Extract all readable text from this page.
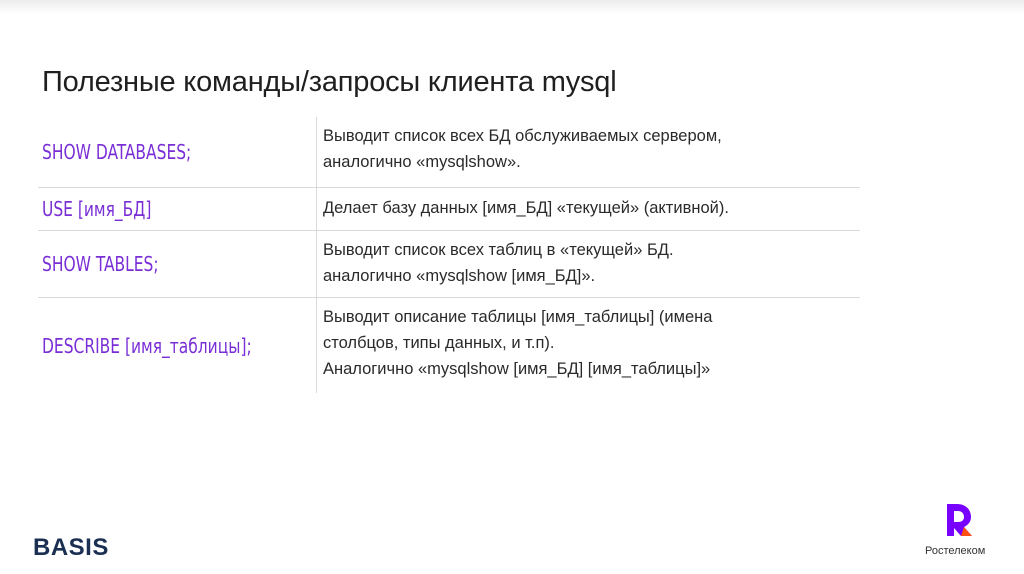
Полезные команды/запросы клиента mysql
SHOW DATABASES;
Выводит список всех БД обслуживаемых сервером,
аналогично «mysqlshow».
USE [имя_БД]	Делает базу данных [имя_БД] «текущей» (активной).
SHOW TABLES;
Выводит список всех таблиц в «текущей» БД.
аналогично «mysqlshow [имя_БД]».
DESCRIBE [имя_таблицы];
Выводит описание таблицы [имя_таблицы] (имена
столбцов, типы данных, и т.п).
Аналогично «mysqlshow [имя_БД] [имя_таблицы]»
BASIS	Ростелеком
